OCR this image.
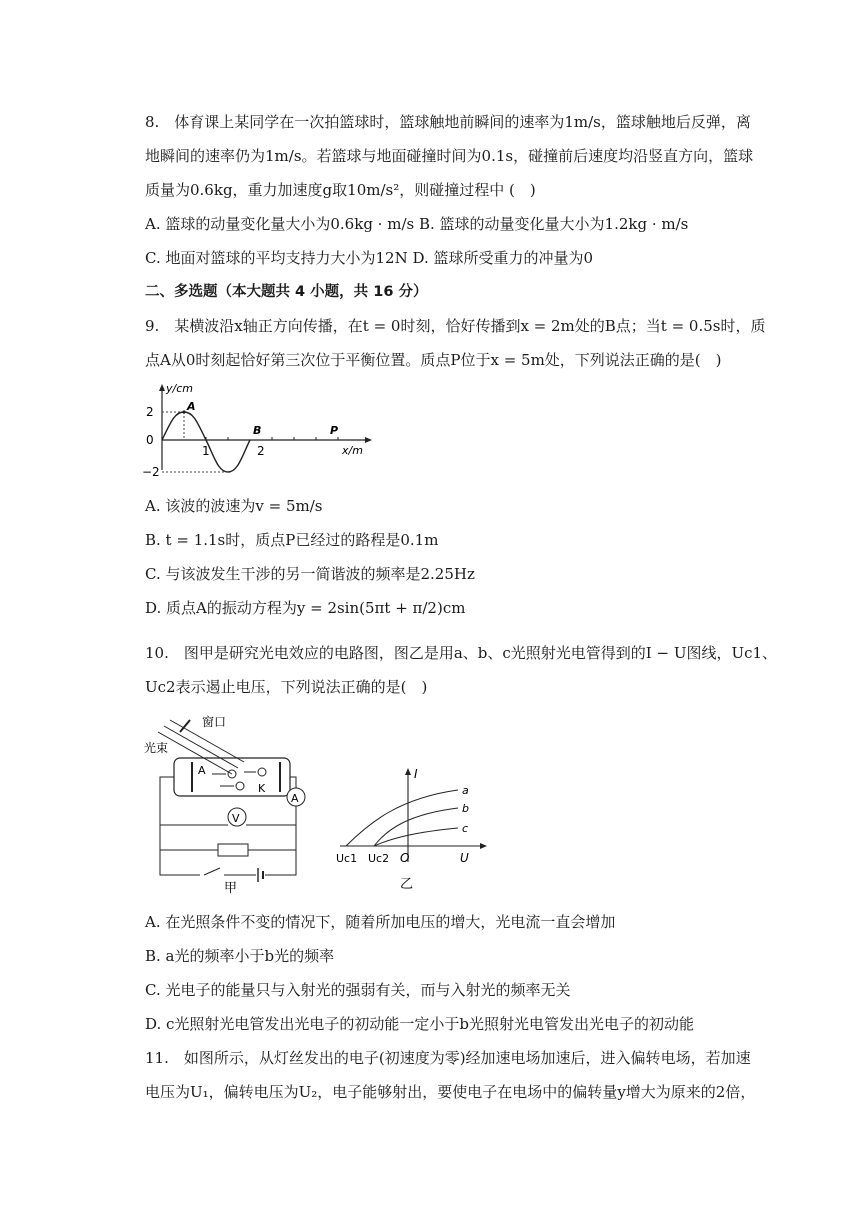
8.　体育课上某同学在一次拍篮球时，篮球触地前瞬间的速率为1m/s，篮球触地后反弹，离
地瞬间的速率仍为1m/s。若篮球与地面碰撞时间为0.1s，碰撞前后速度均沿竖直方向，篮球
质量为0.6kg，重力加速度g取10m/s²，则碰撞过程中 (　)
A. 篮球的动量变化量大小为0.6kg · m/s B. 篮球的动量变化量大小为1.2kg · m/s
C. 地面对篮球的平均支持力大小为12N D. 篮球所受重力的冲量为0
二、多选题（本大题共 4 小题，共 16 分）
9.　某横波沿x轴正方向传播，在t = 0时刻，恰好传播到x = 2m处的B点；当t = 0.5s时，质
点A从0时刻起恰好第三次位于平衡位置。质点P位于x = 5m处，下列说法正确的是(　)
y/cm
2
0
−2
1	2
A
B	P
x/m
A. 该波的波速为v = 5m/s
B. t = 1.1s时，质点P已经过的路程是0.1m
C. 与该波发生干涉的另一简谐波的频率是2.25Hz
D. 质点A的振动方程为y = 2sin(5πt + π/2)cm
10.　图甲是研究光电效应的电路图，图乙是用a、b、c光照射光电管得到的I − U图线，Uc1、
Uc2表示遏止电压，下列说法正确的是(　)
窗口
光束
A
K
A
V
甲
I
a
b
c
Uc1 Uc2 O	U
乙
A. 在光照条件不变的情况下，随着所加电压的增大，光电流一直会增加
B. a光的频率小于b光的频率
C. 光电子的能量只与入射光的强弱有关，而与入射光的频率无关
D. c光照射光电管发出光电子的初动能一定小于b光照射光电管发出光电子的初动能
11.　如图所示，从灯丝发出的电子(初速度为零)经加速电场加速后，进入偏转电场，若加速
电压为U₁，偏转电压为U₂，电子能够射出，要使电子在电场中的偏转量y增大为原来的2倍，
